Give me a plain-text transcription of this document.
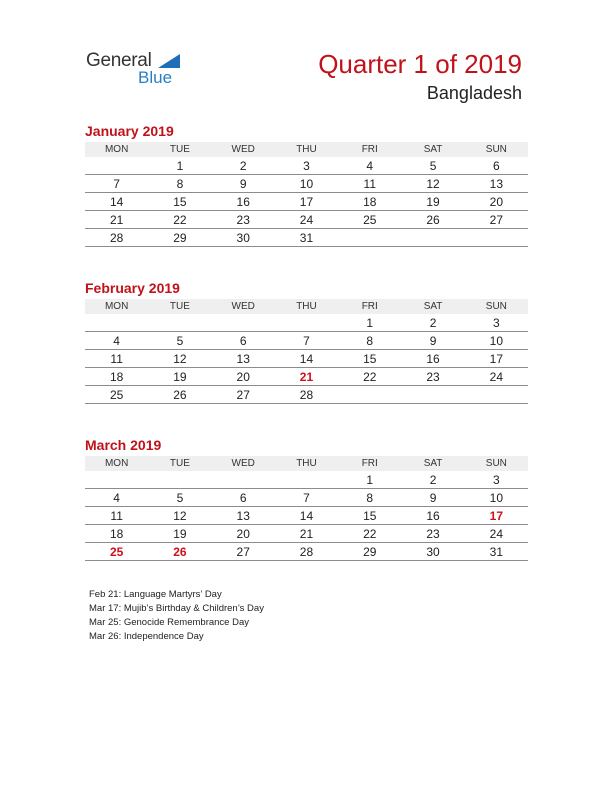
General
Blue	Quarter 1 of 2019
Bangladesh
January 2019
MON	TUE	WED	THU	FRI	SAT	SUN
	1	2	3	4	5	6
7	8	9	10	11	12	13
14	15	16	17	18	19	20
21	22	23	24	25	26	27
28	29	30	31			
February 2019
MON	TUE	WED	THU	FRI	SAT	SUN
				1	2	3
4	5	6	7	8	9	10
11	12	13	14	15	16	17
18	19	20	21	22	23	24
25	26	27	28			
March 2019
MON	TUE	WED	THU	FRI	SAT	SUN
				1	2	3
4	5	6	7	8	9	10
11	12	13	14	15	16	17
18	19	20	21	22	23	24
25	26	27	28	29	30	31
Feb 21: Language Martyrs’ Day
Mar 17: Mujib’s Birthday & Children’s Day
Mar 25: Genocide Remembrance Day
Mar 26: Independence Day
